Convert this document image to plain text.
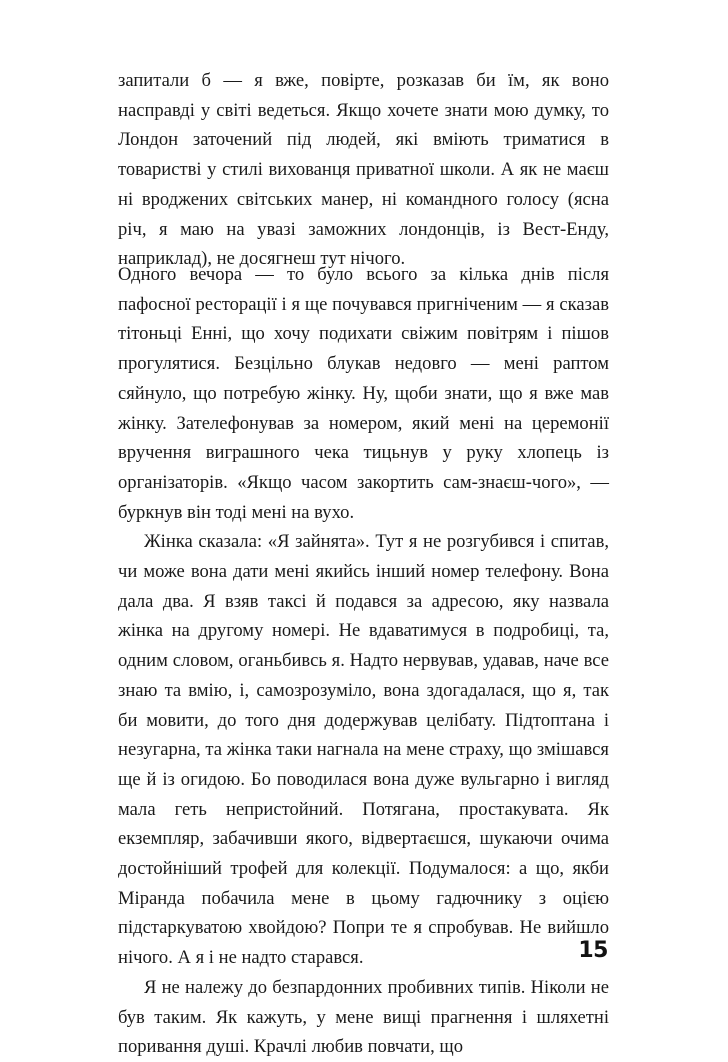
запитали б — я вже, повірте, розказав би їм, як воно насправді у світі ведеться. Якщо хочете знати мою думку, то Лондон заточений під людей, які вміють триматися в товаристві у стилі вихованця приватної школи. А як не маєш ні вроджених світських манер, ні командного голосу (ясна річ, я маю на увазі заможних лондонців, із Вест-Енду, наприклад), не досягнеш тут нічого.

Одного вечора — то було всього за кілька днів після пафосної ресторації і я ще почувався пригніченим — я сказав тітоньці Енні, що хочу подихати свіжим повітрям і пішов прогулятися. Безцільно блукав недовго — мені раптом сяйнуло, що потребую жінку. Ну, щоби знати, що я вже мав жінку. Зателефонував за номером, який мені на церемонії вручення виграшного чека тицьнув у руку хлопець із організаторів. «Якщо часом закортить сам-знаєш-чого», — буркнув він тоді мені на вухо.

Жінка сказала: «Я зайнята». Тут я не розгубився і спитав, чи може вона дати мені якийсь інший номер телефону. Вона дала два. Я взяв таксі й подався за адресою, яку назвала жінка на другому номері. Не вдаватимуся в подробиці, та, одним словом, оганьбивсь я. Надто нервував, удавав, наче все знаю та вмію, і, самозрозуміло, вона здогадалася, що я, так би мовити, до того дня додержував целібату. Підтоптана і незугарна, та жінка таки нагнала на мене страху, що змішався ще й із огидою. Бо поводилася вона дуже вульгарно і вигляд мала геть непристойний. Потягана, простакувата. Як екземпляр, забачивши якого, відвертаєшся, шукаючи очима достойніший трофей для колекції. Подумалося: а що, якби Міранда побачила мене в цьому гадючнику з оцією підстаркуватою хвойдою? Попри те я спробував. Не вийшло нічого. А я і не надто старався.

Я не належу до безпардонних пробивних типів. Ніколи не був таким. Як кажуть, у мене вищі прагнення і шляхетні поривання душі. Крачлі любив повчати, що

15
